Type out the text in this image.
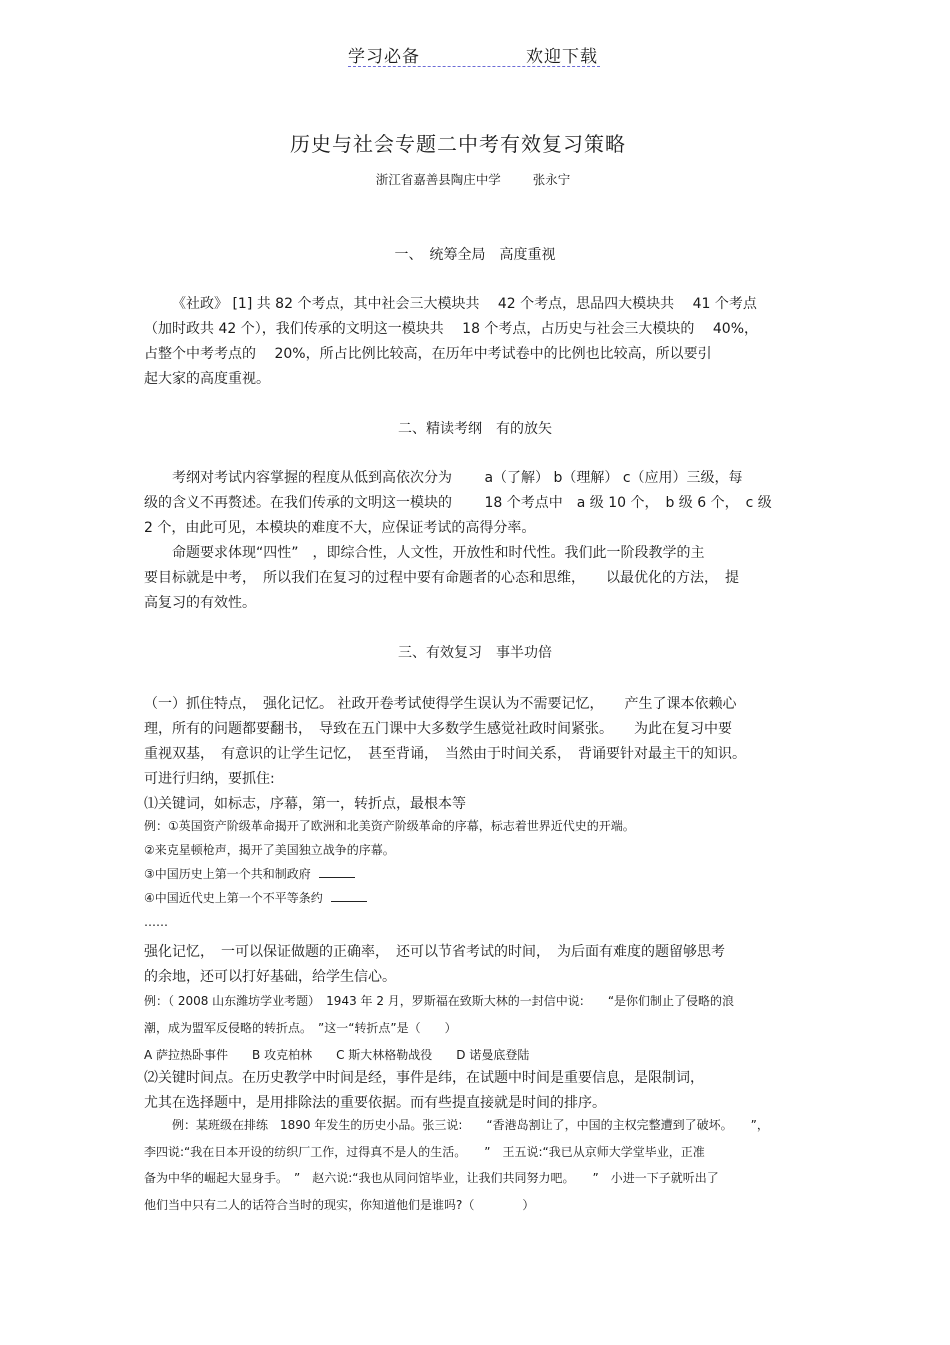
学习必备	欢迎下载
历史与社会专题二中考有效复习策略
浙江省嘉善县陶庄中学	张永宁
一、　统筹全局　高度重视
《社政》 [1] 共 82 个考点，其中社会三大模块共　 42 个考点，思品四大模块共　 41 个考点
（加时政共 42 个），我们传承的文明这一模块共　 18 个考点，占历史与社会三大模块的　 40%，
占整个中考考点的　 20%，所占比例比较高，在历年中考试卷中的比例也比较高，所以要引
起大家的高度重视。
二、精读考纲　有的放矢
考纲对考试内容掌握的程度从低到高依次分为　　 a（了解） b（理解） c（应用）三级，每
级的含义不再赘述。在我们传承的文明这一模块的　　 18 个考点中　a 级 10 个，　b 级 6 个，　c 级
2 个，由此可见，本模块的难度不大，应保证考试的高得分率。
命题要求体现“四性”　，即综合性，人文性，开放性和时代性。我们此一阶段教学的主
要目标就是中考，　所以我们在复习的过程中要有命题者的心态和思维，　　以最优化的方法，　提
高复习的有效性。
三、有效复习　事半功倍
（一）抓住特点，　强化记忆。 社政开卷考试使得学生误认为不需要记忆，　　产生了课本依赖心
理，所有的问题都要翻书，　导致在五门课中大多数学生感觉社政时间紧张。　　为此在复习中要
重视双基，　有意识的让学生记忆，　甚至背诵，　当然由于时间关系，　背诵要针对最主干的知识。
可进行归纳，要抓住:
⑴关键词，如标志，序幕，第一，转折点，最根本等
例：①英国资产阶级革命揭开了欧洲和北美资产阶级革命的序幕，标志着世界近代史的开端。
②来克星顿枪声，揭开了美国独立战争的序幕。
③中国历史上第一个共和制政府
④中国近代史上第一个不平等条约
……
强化记忆，　一可以保证做题的正确率，　还可以节省考试的时间，　为后面有难度的题留够思考
的余地，还可以打好基础，给学生信心。
例：（ 2008 山东潍坊学业考题）　1943 年 2 月，罗斯福在致斯大林的一封信中说:　　“是你们制止了侵略的浪
潮，成为盟军反侵略的转折点。　”这一“转折点”是（　　）
A 萨拉热卧事件　　B 攻克柏林　　C 斯大林格勒战役　　D 诺曼底登陆
⑵关键时间点。在历史教学中时间是经，事件是纬，在试题中时间是重要信息，是限制词，
尤其在选择题中，是用排除法的重要依据。而有些提直接就是时间的排序。
例：某班级在排练　1890 年发生的历史小品。张三说:　　“香港岛割让了，中国的主权完整遭到了破坏。　　”，
李四说:“我在日本开设的纺织厂工作，过得真不是人的生活。　　”　王五说:“我已从京师大学堂毕业，正准
备为中华的崛起大显身手。　”　赵六说:“我也从同问馆毕业，让我们共同努力吧。　　”　小进一下子就听出了
他们当中只有二人的话符合当时的现实，你知道他们是谁吗?（　　　　）
